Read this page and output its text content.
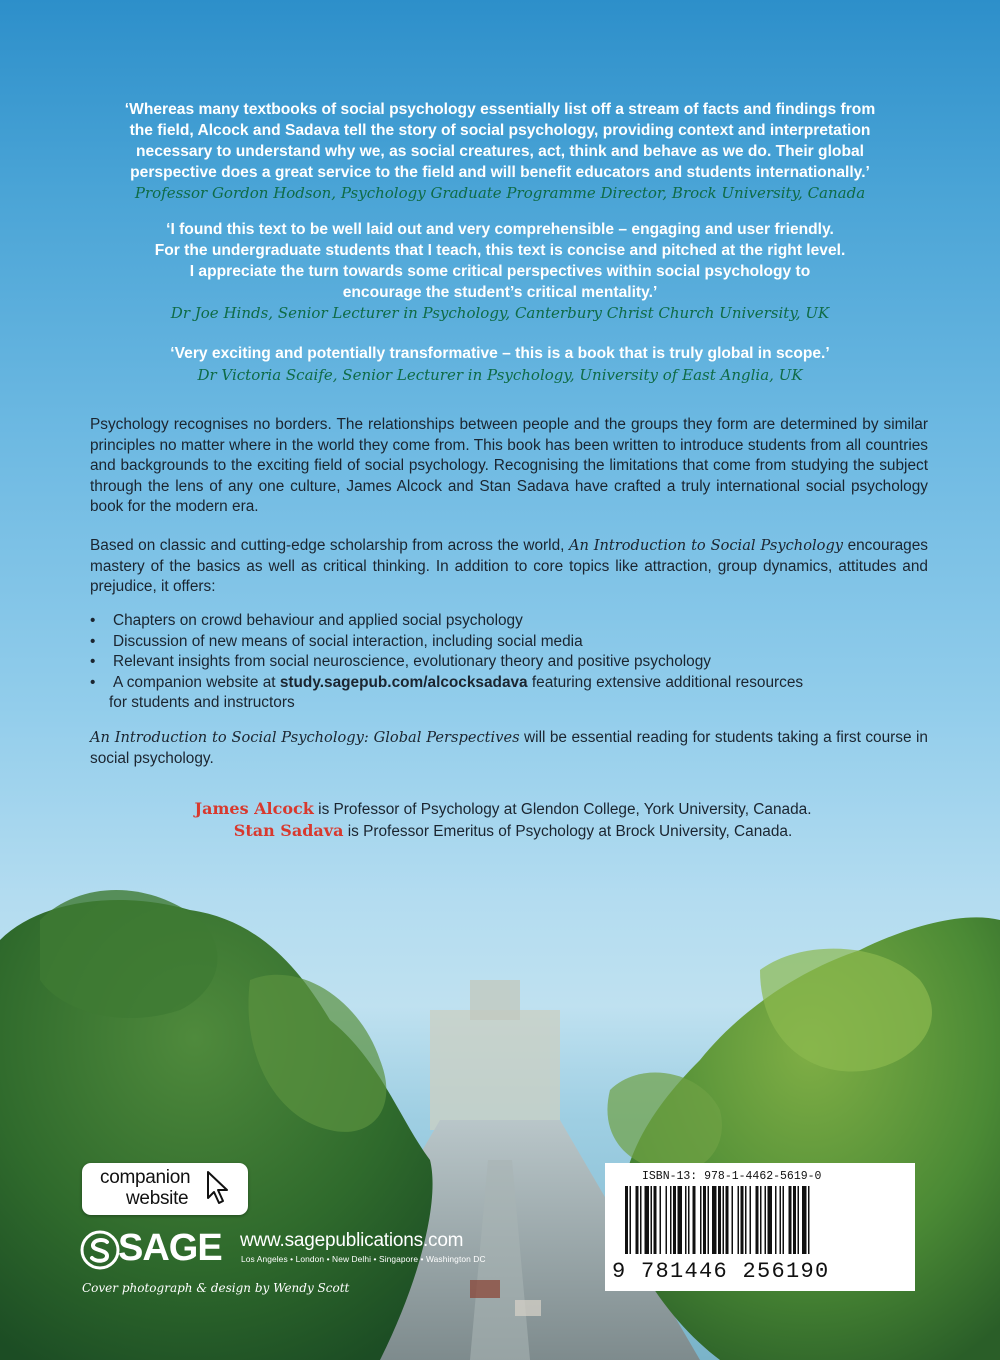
‘Whereas many textbooks of social psychology essentially list off a stream of facts and findings from

the field, Alcock and Sadava tell the story of social psychology, providing context and interpretation

necessary to understand why we, as social creatures, act, think and behave as we do. Their global

perspective does a great service to the field and will benefit educators and students internationally.’

Professor Gordon Hodson, Psychology Graduate Programme Director, Brock University, Canada

‘I found this text to be well laid out and very comprehensible – engaging and user friendly.

For the undergraduate students that I teach, this text is concise and pitched at the right level.

I appreciate the turn towards some critical perspectives within social psychology to

encourage the student’s critical mentality.’

Dr Joe Hinds, Senior Lecturer in Psychology, Canterbury Christ Church University, UK

‘Very exciting and potentially transformative – this is a book that is truly global in scope.’

Dr Victoria Scaife, Senior Lecturer in Psychology, University of East Anglia, UK

Psychology recognises no borders. The relationships between people and the groups they form are determined by similar principles no matter where in the world they come from. This book has been written to introduce students from all countries and backgrounds to the exciting field of social psychology. Recognising the limitations that come from studying the subject through the lens of any one culture, James Alcock and Stan Sadava have crafted a truly international social psychology book for the modern era.

Based on classic and cutting-edge scholarship from across the world, An Introduction to Social Psychology encourages mastery of the basics as well as critical thinking. In addition to core topics like attraction, group dynamics, attitudes and prejudice, it offers:

• Chapters on crowd behaviour and applied social psychology
• Discussion of new means of social interaction, including social media
• Relevant insights from social neuroscience, evolutionary theory and positive psychology
• A companion website at study.sagepub.com/alcocksadava featuring extensive additional resources
for students and instructors

An Introduction to Social Psychology: Global Perspectives will be essential reading for students taking a first course in social psychology.

James Alcock is Professor of Psychology at Glendon College, York University, Canada.
Stan Sadava is Professor Emeritus of Psychology at Brock University, Canada.
companion
website
SAGE www.sagepublications.com
Los Angeles • London • New Delhi • Singapore • Washington DC
Cover photograph & design by Wendy Scott
ISBN-13: 978-1-4462-5619-0
9 781446 256190
